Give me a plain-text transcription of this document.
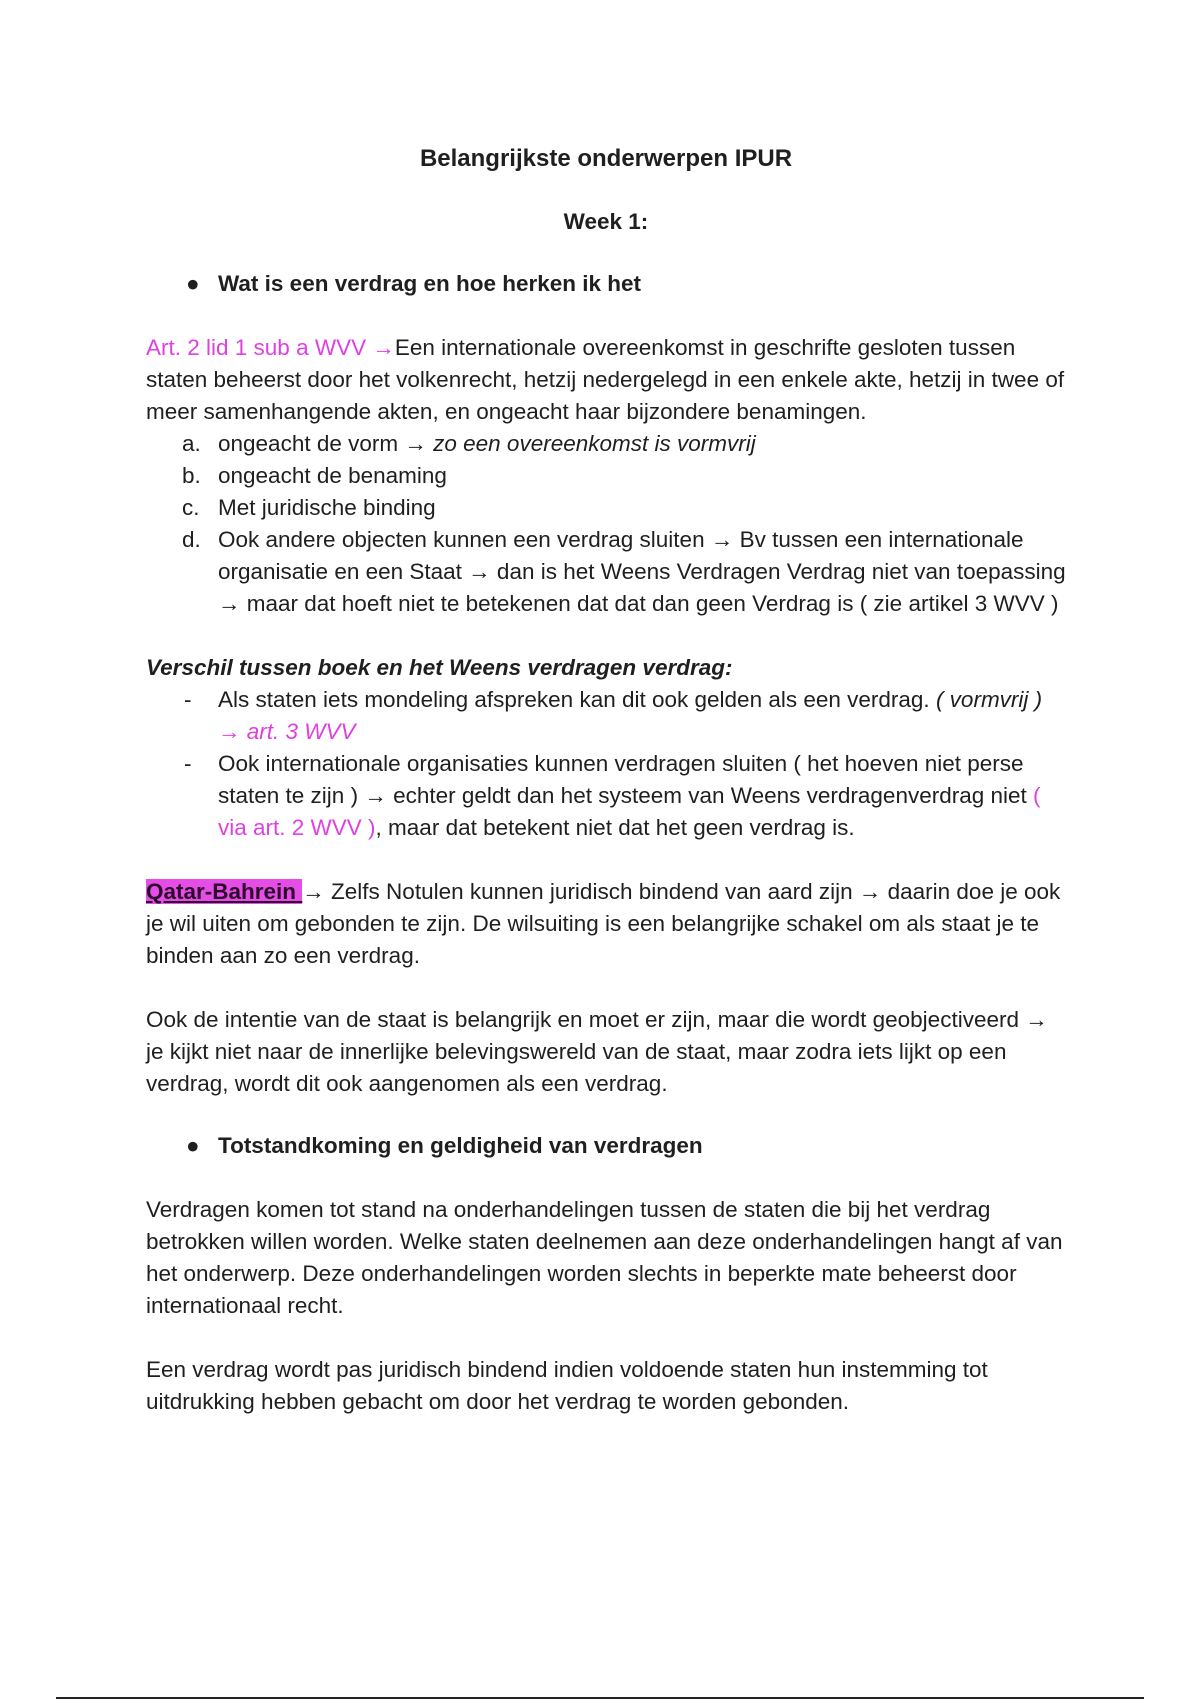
Belangrijkste onderwerpen IPUR
Week 1:
● Wat is een verdrag en hoe herken ik het

Art. 2 lid 1 sub a WVV →Een internationale overeenkomst in geschrifte gesloten tussen staten beheerst door het volkenrecht, hetzij nedergelegd in een enkele akte, hetzij in twee of meer samenhangende akten, en ongeacht haar bijzondere benamingen.

a. ongeacht de vorm → zo een overeenkomst is vormvrij
b. ongeacht de benaming
c. Met juridische binding
d. Ook andere objecten kunnen een verdrag sluiten → Bv tussen een internationale organisatie en een Staat → dan is het Weens Verdragen Verdrag niet van toepassing → maar dat hoeft niet te betekenen dat dat dan geen Verdrag is ( zie artikel 3 WVV )

Verschil tussen boek en het Weens verdragen verdrag:

- Als staten iets mondeling afspreken kan dit ook gelden als een verdrag. ( vormvrij ) → art. 3 WVV
- Ook internationale organisaties kunnen verdragen sluiten ( het hoeven niet perse staten te zijn ) → echter geldt dan het systeem van Weens verdragenverdrag niet ( via art. 2 WVV ), maar dat betekent niet dat het geen verdrag is.

Qatar-Bahrein → Zelfs Notulen kunnen juridisch bindend van aard zijn → daarin doe je ook je wil uiten om gebonden te zijn. De wilsuiting is een belangrijke schakel om als staat je te binden aan zo een verdrag.

Ook de intentie van de staat is belangrijk en moet er zijn, maar die wordt geobjectiveerd → je kijkt niet naar de innerlijke belevingswereld van de staat, maar zodra iets lijkt op een verdrag, wordt dit ook aangenomen als een verdrag.

● Totstandkoming en geldigheid van verdragen

Verdragen komen tot stand na onderhandelingen tussen de staten die bij het verdrag betrokken willen worden. Welke staten deelnemen aan deze onderhandelingen hangt af van het onderwerp. Deze onderhandelingen worden slechts in beperkte mate beheerst door internationaal recht.

Een verdrag wordt pas juridisch bindend indien voldoende staten hun instemming tot uitdrukking hebben gebacht om door het verdrag te worden gebonden.
